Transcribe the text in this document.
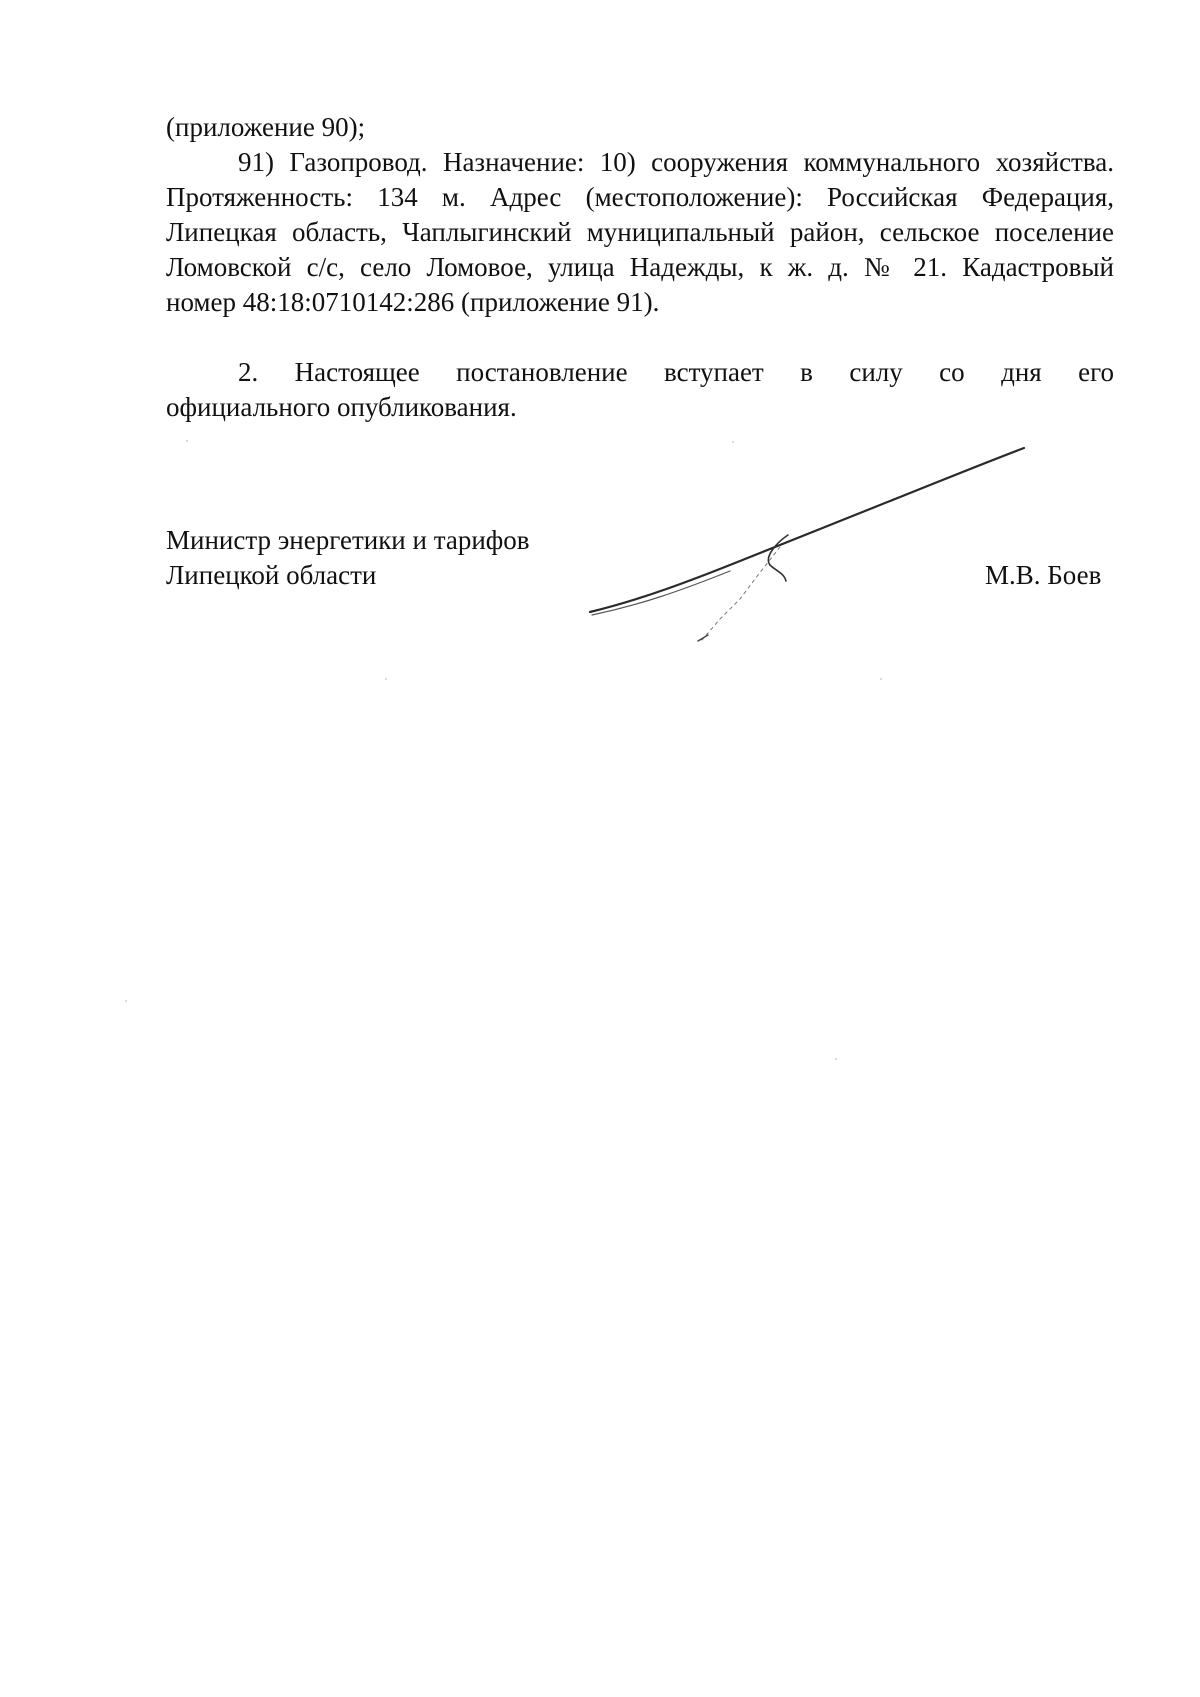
(приложение 90);
91) Газопровод. Назначение: 10) сооружения коммунального хозяйства.
Протяженность: 134 м. Адрес (местоположение): Российская Федерация,
Липецкая область, Чаплыгинский муниципальный район, сельское поселение
Ломовской с/с, село Ломовое, улица Надежды, к ж. д. № 21. Кадастровый
номер 48:18:0710142:286 (приложение 91).
2. Настоящее постановление вступает в силу со дня его
официального опубликования.
Министр энергетики и тарифов
Липецкой области	М.В. Боев
